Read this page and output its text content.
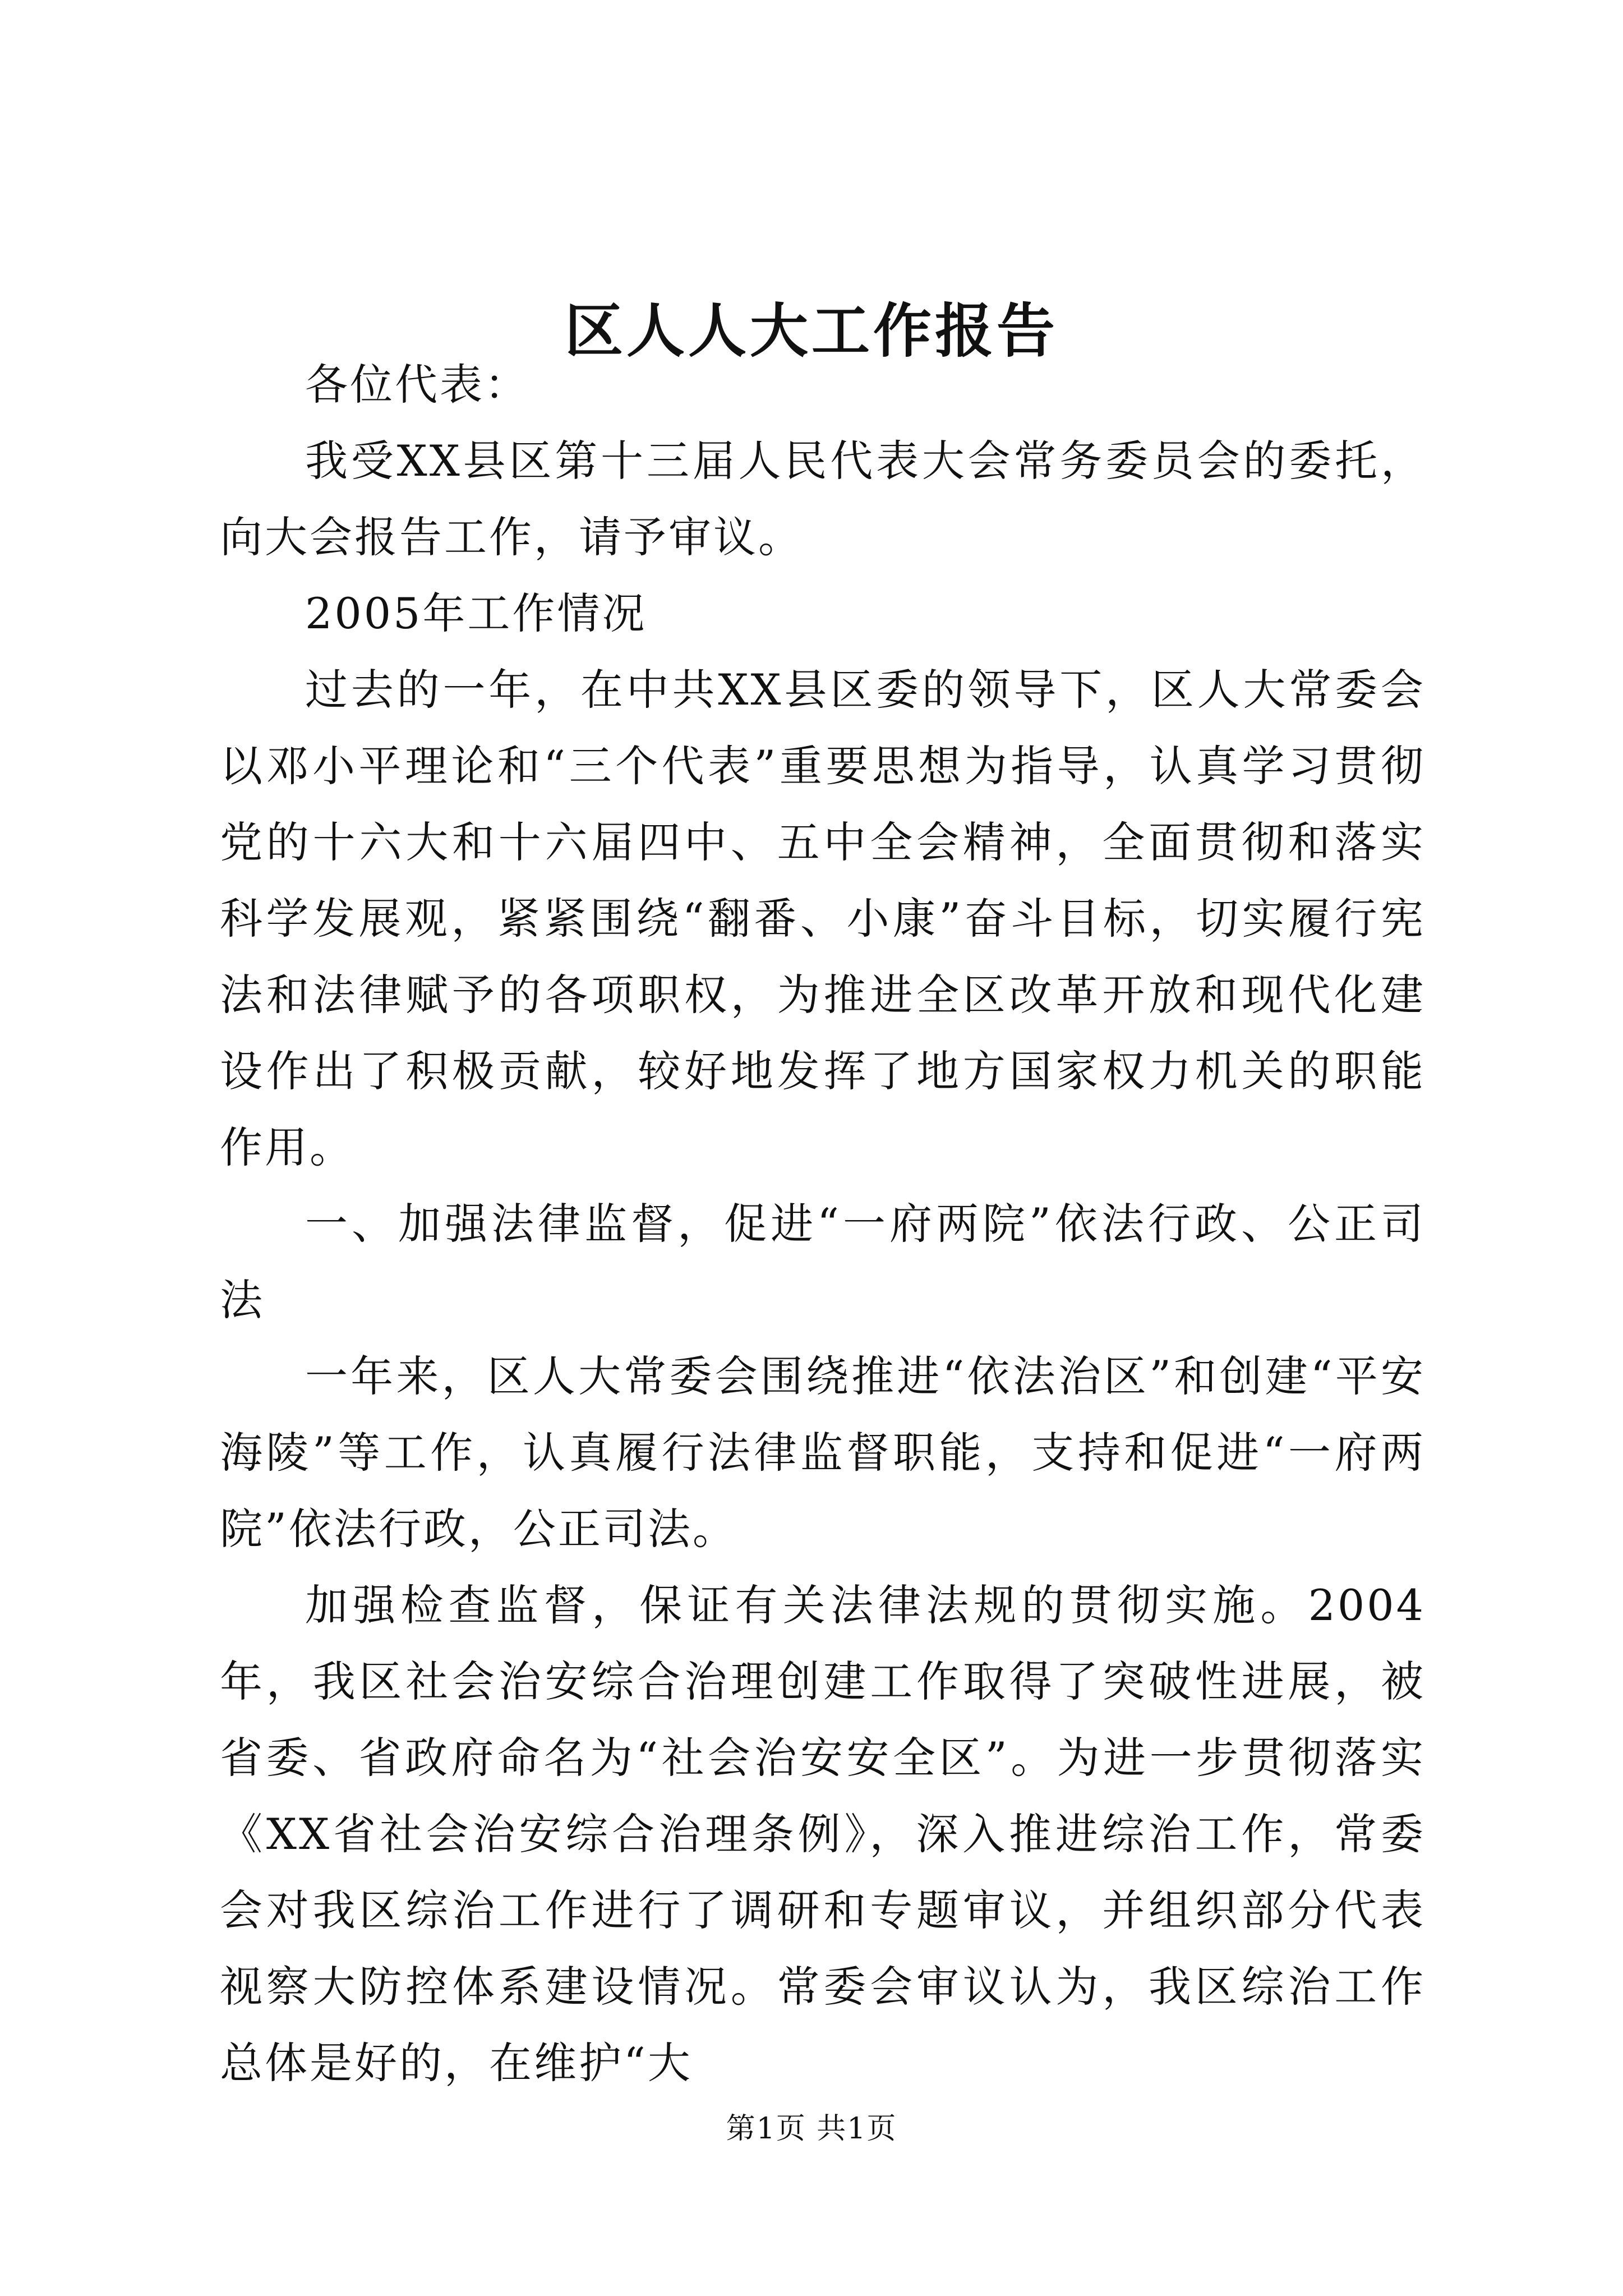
区人人大工作报告

各位代表：

我受XX县区第十三届人民代表大会常务委员会的委托，向大会报告工作，请予审议。

2005年工作情况

过去的一年，在中共XX县区委的领导下，区人大常委会以邓小平理论和“三个代表”重要思想为指导，认真学习贯彻党的十六大和十六届四中、五中全会精神，全面贯彻和落实科学发展观，紧紧围绕“翻番、小康”奋斗目标，切实履行宪法和法律赋予的各项职权，为推进全区改革开放和现代化建设作出了积极贡献，较好地发挥了地方国家权力机关的职能作用。

一、加强法律监督，促进“一府两院”依法行政、公正司法

一年来，区人大常委会围绕推进“依法治区”和创建“平安海陵”等工作，认真履行法律监督职能，支持和促进“一府两院”依法行政，公正司法。

加强检查监督，保证有关法律法规的贯彻实施。2004年，我区社会治安综合治理创建工作取得了突破性进展，被省委、省政府命名为“社会治安安全区”。为进一步贯彻落实《XX省社会治安综合治理条例》，深入推进综治工作，常委会对我区综治工作进行了调研和专题审议，并组织部分代表视察大防控体系建设情况。常委会审议认为，我区综治工作总体是好的，在维护“大

第1页 共1页
